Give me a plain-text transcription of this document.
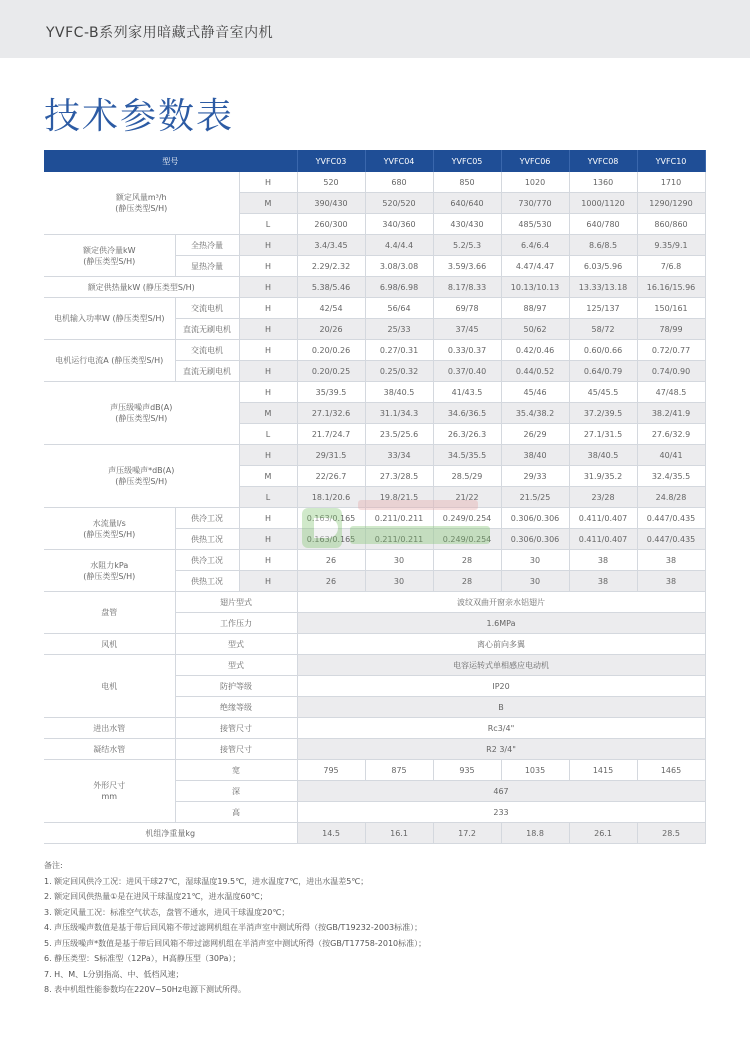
YVFC-B系列家用暗藏式静音室内机
技术参数表
型号			YVFC03	YVFC04	YVFC05	YVFC06	YVFC08	YVFC10
额定风量m³/h
(静压类型S/H)		H	520	680	850	1020	1360	1710
		M	390/430	520/520	640/640	730/770	1000/1120	1290/1290
		L	260/300	340/360	430/430	485/530	640/780	860/860
额定供冷量kW
(静压类型S/H)	全热冷量	H	3.4/3.45	4.4/4.4	5.2/5.3	6.4/6.4	8.6/8.5	9.35/9.1
	显热冷量	H	2.29/2.32	3.08/3.08	3.59/3.66	4.47/4.47	6.03/5.96	7/6.8
额定供热量kW (静压类型S/H)		H	5.38/5.46	6.98/6.98	8.17/8.33	10.13/10.13	13.33/13.18	16.16/15.96
电机输入功率W (静压类型S/H)	交流电机	H	42/54	56/64	69/78	88/97	125/137	150/161
	直流无刷电机	H	20/26	25/33	37/45	50/62	58/72	78/99
电机运行电流A (静压类型S/H)	交流电机	H	0.20/0.26	0.27/0.31	0.33/0.37	0.42/0.46	0.60/0.66	0.72/0.77
	直流无刷电机	H	0.20/0.25	0.25/0.32	0.37/0.40	0.44/0.52	0.64/0.79	0.74/0.90
声压级噪声dB(A)
(静压类型S/H)		H	35/39.5	38/40.5	41/43.5	45/46	45/45.5	47/48.5
		M	27.1/32.6	31.1/34.3	34.6/36.5	35.4/38.2	37.2/39.5	38.2/41.9
		L	21.7/24.7	23.5/25.6	26.3/26.3	26/29	27.1/31.5	27.6/32.9
声压级噪声*dB(A)
(静压类型S/H)		H	29/31.5	33/34	34.5/35.5	38/40	38/40.5	40/41
		M	22/26.7	27.3/28.5	28.5/29	29/33	31.9/35.2	32.4/35.5
		L	18.1/20.6	19.8/21.5	21/22	21.5/25	23/28	24.8/28
水流量l/s
(静压类型S/H)	供冷工况	H	0.163/0.165	0.211/0.211	0.249/0.254	0.306/0.306	0.411/0.407	0.447/0.435
	供热工况	H	0.163/0.165	0.211/0.211	0.249/0.254	0.306/0.306	0.411/0.407	0.447/0.435
水阻力kPa
(静压类型S/H)	供冷工况	H	26	30	28	30	38	38
	供热工况	H	26	30	28	30	38	38
盘管	翅片型式		波纹双曲开窗亲水铝翅片					
	工作压力		1.6MPa					
风机	型式		离心前向多翼					
电机	型式		电容运转式单相感应电动机					
	防护等级		IP20					
	绝缘等级		B					
进出水管	接管尺寸		Rc3/4"					
凝结水管	接管尺寸		R2 3/4"					
外形尺寸
mm	宽		795	875	935	1035	1415	1465
	深		467					
	高		233					
机组净重量kg			14.5	16.1	17.2	18.8	26.1	28.5
备注:
1. 额定回风供冷工况：进风干球27℃，湿球温度19.5℃，进水温度7℃，进出水温差5℃；
2. 额定回风供热量①是在进风干球温度21℃，进水温度60℃；
3. 额定风量工况：标准空气状态，盘管不通水，进风干球温度20℃；
4. 声压级噪声数值是基于带后回风箱不带过滤网机组在半消声室中测试所得（按GB/T19232-2003标准）；
5. 声压级噪声*数值是基于带后回风箱不带过滤网机组在半消声室中测试所得（按GB/T17758-2010标准）；
6. 静压类型：S标准型（12Pa），H高静压型（30Pa）；
7. H、M、L分别指高、中、低档风速；
8. 表中机组性能参数均在220V~50Hz电源下测试所得。
